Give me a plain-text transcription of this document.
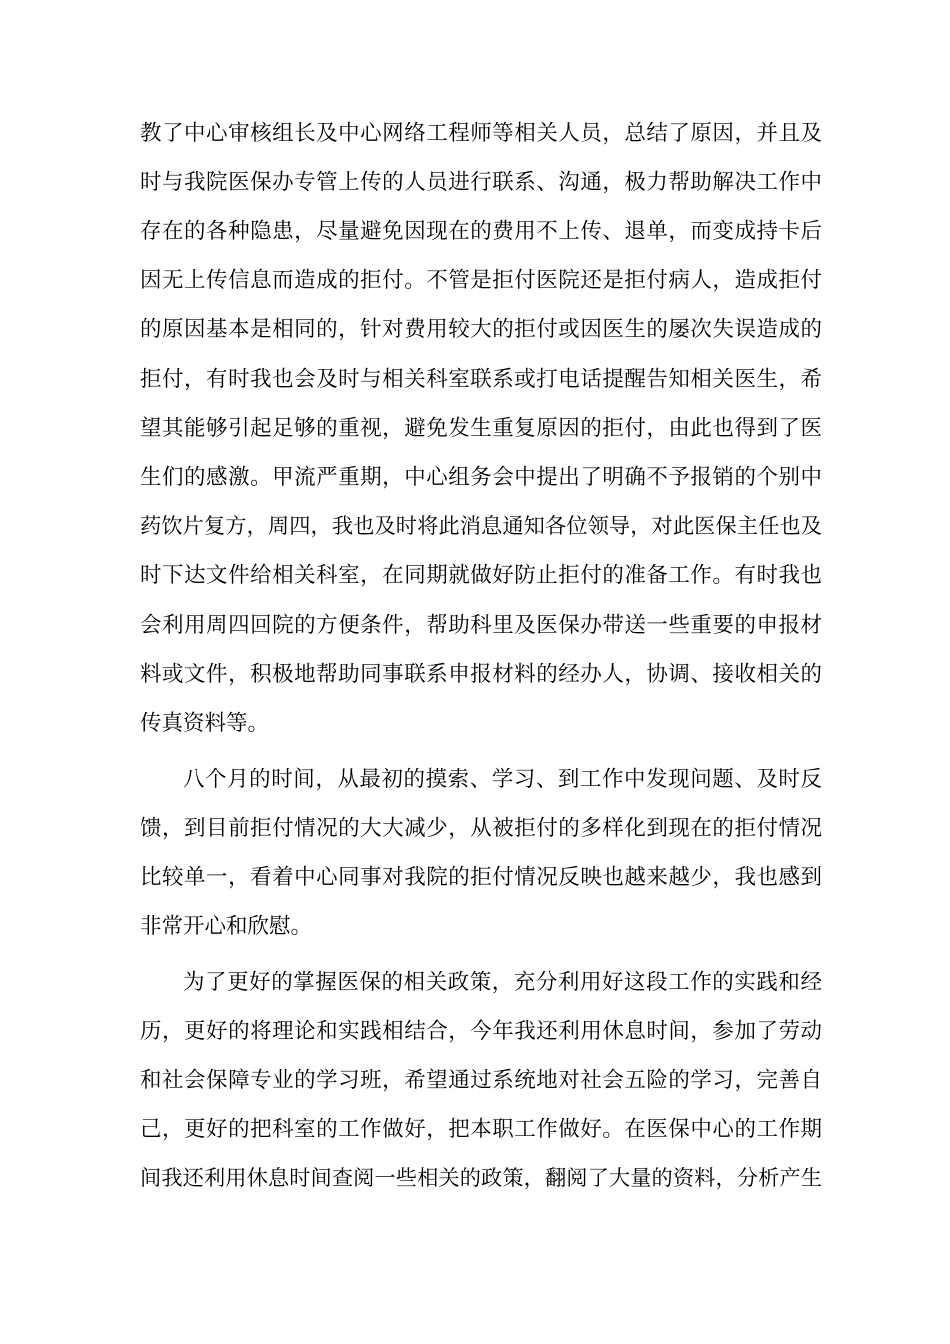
教了中心审核组长及中心网络工程师等相关人员，总结了原因，并且及
时与我院医保办专管上传的人员进行联系、沟通，极力帮助解决工作中
存在的各种隐患，尽量避免因现在的费用不上传、退单，而变成持卡后
因无上传信息而造成的拒付。不管是拒付医院还是拒付病人，造成拒付
的原因基本是相同的，针对费用较大的拒付或因医生的屡次失误造成的
拒付，有时我也会及时与相关科室联系或打电话提醒告知相关医生，希
望其能够引起足够的重视，避免发生重复原因的拒付，由此也得到了医
生们的感激。甲流严重期，中心组务会中提出了明确不予报销的个别中
药饮片复方，周四，我也及时将此消息通知各位领导，对此医保主任也及
时下达文件给相关科室，在同期就做好防止拒付的准备工作。有时我也
会利用周四回院的方便条件，帮助科里及医保办带送一些重要的申报材
料或文件，积极地帮助同事联系申报材料的经办人，协调、接收相关的
传真资料等。
八个月的时间，从最初的摸索、学习、到工作中发现问题、及时反
馈，到目前拒付情况的大大减少，从被拒付的多样化到现在的拒付情况
比较单一，看着中心同事对我院的拒付情况反映也越来越少，我也感到
非常开心和欣慰。
为了更好的掌握医保的相关政策，充分利用好这段工作的实践和经
历，更好的将理论和实践相结合，今年我还利用休息时间，参加了劳动
和社会保障专业的学习班，希望通过系统地对社会五险的学习，完善自
己，更好的把科室的工作做好，把本职工作做好。在医保中心的工作期
间我还利用休息时间查阅一些相关的政策，翻阅了大量的资料，分析产生
